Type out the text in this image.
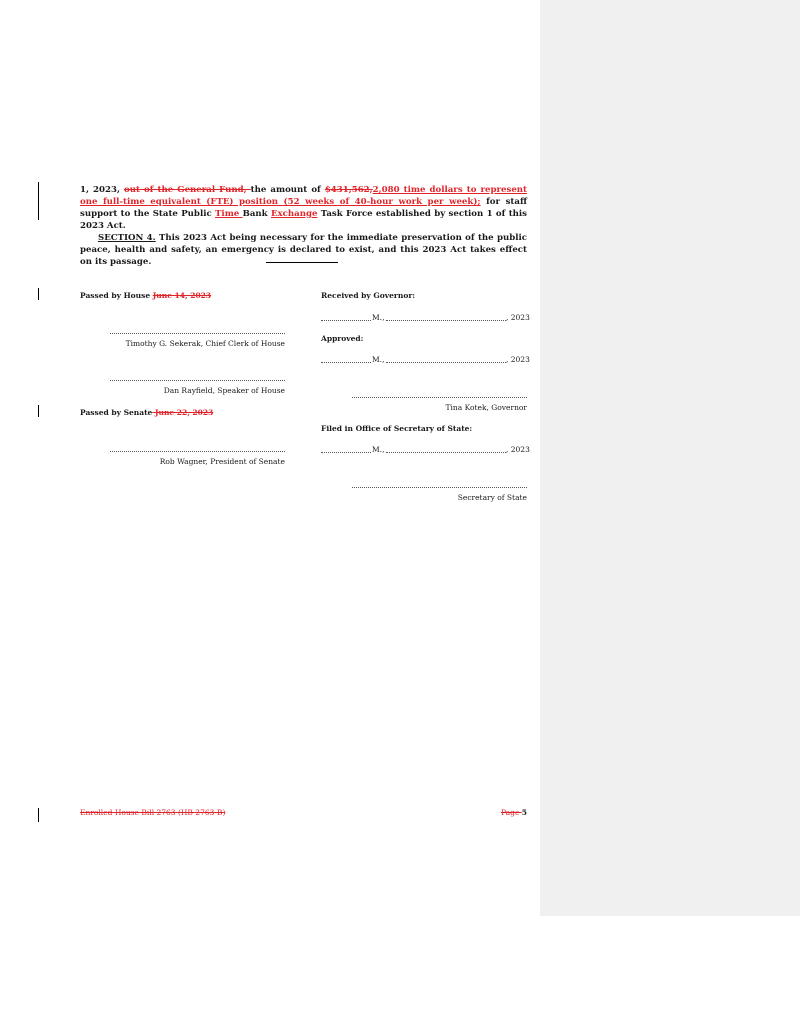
1, 2023, out of the General Fund, the amount of $431,562,2,080 time dollars to represent one full-time equivalent (FTE) position (52 weeks of 40-hour work per week); for staff support to the State Public Time Bank Exchange Task Force established by section 1 of this 2023 Act.

SECTION 4. This 2023 Act being necessary for the immediate preservation of the public peace, health and safety, an emergency is declared to exist, and this 2023 Act takes effect on its passage.

Passed by House June 14, 2023
Timothy G. Sekerak, Chief Clerk of House
Dan Rayfield, Speaker of House
Passed by Senate June 22, 2023
Rob Wagner, President of Senate
Received by Governor:
M.,	, 2023
Approved:
M.,	, 2023
Tina Kotek, Governor
Filed in Office of Secretary of State:
M.,	, 2023
Secretary of State
Enrolled House Bill 2763 (HB 2763-B)	Page 5
